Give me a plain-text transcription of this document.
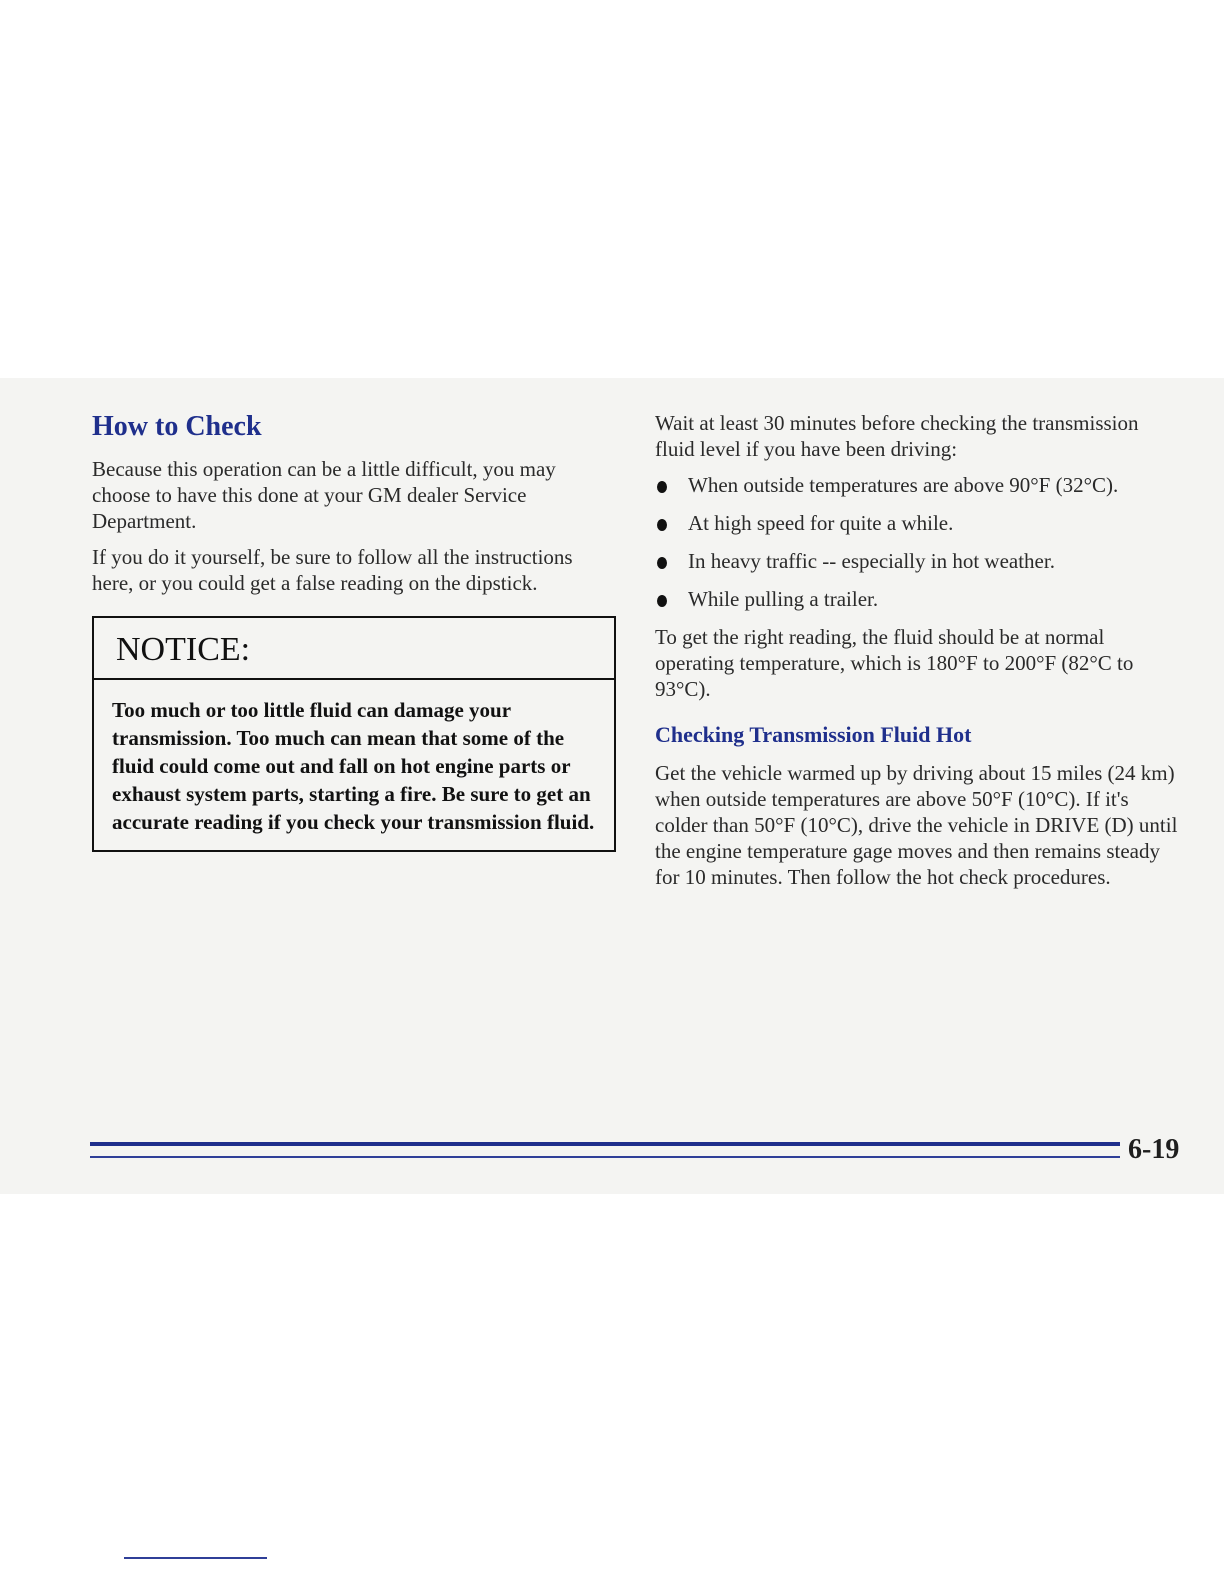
How to Check

Because this operation can be a little difficult, you may choose to have this done at your GM dealer Service Department.

If you do it yourself, be sure to follow all the instructions here, or you could get a false reading on the dipstick.

NOTICE:
Too much or too little fluid can damage your transmission. Too much can mean that some of the fluid could come out and fall on hot engine parts or exhaust system parts, starting a fire. Be sure to get an accurate reading if you check your transmission fluid.

Wait at least 30 minutes before checking the transmission fluid level if you have been driving:

When outside temperatures are above 90°F (32°C).
At high speed for quite a while.
In heavy traffic -- especially in hot weather.
While pulling a trailer.

To get the right reading, the fluid should be at normal operating temperature, which is 180°F to 200°F (82°C to 93°C).

Checking Transmission Fluid Hot

Get the vehicle warmed up by driving about 15 miles (24 km) when outside temperatures are above 50°F (10°C). If it's colder than 50°F (10°C), drive the vehicle in DRIVE (D) until the engine temperature gage moves and then remains steady for 10 minutes. Then follow the hot check procedures.

6-19
